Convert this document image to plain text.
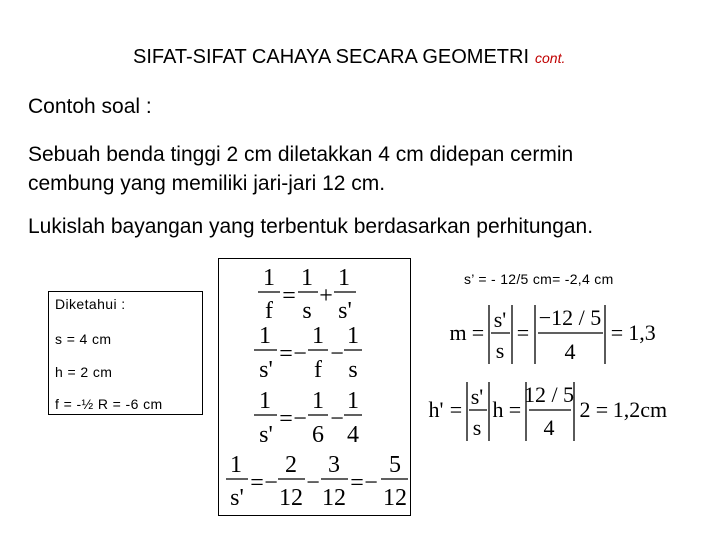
SIFAT-SIFAT CAHAYA SECARA GEOMETRI cont.
Contoh soal :
Sebuah benda tinggi 2 cm diletakkan 4 cm didepan cermin
cembung yang memiliki jari-jari 12 cm.
Lukislah bayangan yang terbentuk berdasarkan perhitungan.
Diketahui :
s = 4 cm
h = 2 cm
f = -½ R = -6 cm
1
f
=
1
s
+
1
s'
1
s'
=
1
f
− −
1
s
1
s'
= −
1
6
−
1
4
1
s'
= −
2
12
−
3
12
= −
5
12
m =
s'
s
=
−12 / 5
4
= 1,3
h' =
s'
s
h =
12 / 5
4
2 = 1,2cm
s’ = - 12/5 cm= -2,4 cm
